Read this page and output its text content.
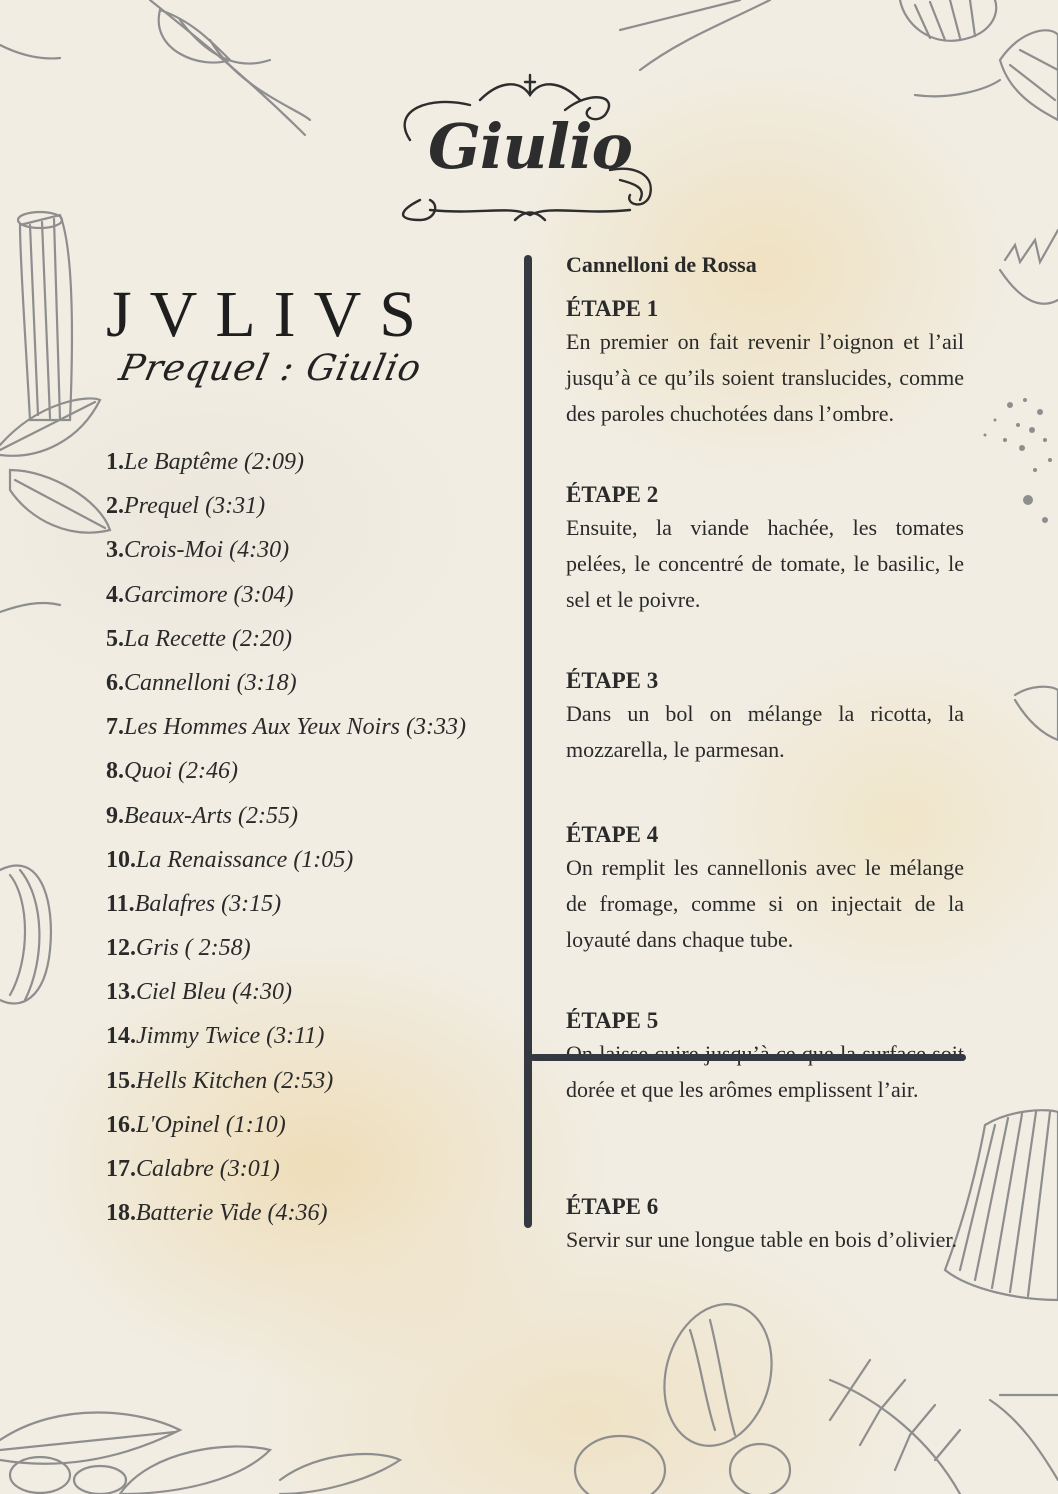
Giulio
JVLIVS
Prequel : Giulio
1.Le Baptême (2:09)
2.Prequel (3:31)
3.Crois-Moi (4:30)
4.Garcimore (3:04)
5.La Recette (2:20)
6.Cannelloni (3:18)
7.Les Hommes Aux Yeux Noirs (3:33)
8.Quoi (2:46)
9.Beaux-Arts (2:55)
10.La Renaissance (1:05)
11.Balafres (3:15)
12.Gris ( 2:58)
13.Ciel Bleu (4:30)
14.Jimmy Twice (3:11)
15.Hells Kitchen (2:53)
16.L'Opinel (1:10)
17.Calabre (3:01)
18.Batterie Vide (4:36)
Cannelloni de Rossa
ÉTAPE 1
En premier on fait revenir l’oignon et l’ail jusqu’à ce qu’ils soient translucides, comme des paroles chuchotées dans l’ombre.
ÉTAPE 2
Ensuite, la viande hachée, les tomates pelées, le concentré de tomate, le basilic, le sel et le poivre.
ÉTAPE 3
Dans un bol on mélange la ricotta, la mozzarella, le parmesan.
ÉTAPE 4
On remplit les cannellonis avec le mélange de fromage, comme si on injectait de la loyauté dans chaque tube.
ÉTAPE 5
dorée et que les arômes emplissent l’air.
ÉTAPE 6
Servir sur une longue table en bois d’olivier.
